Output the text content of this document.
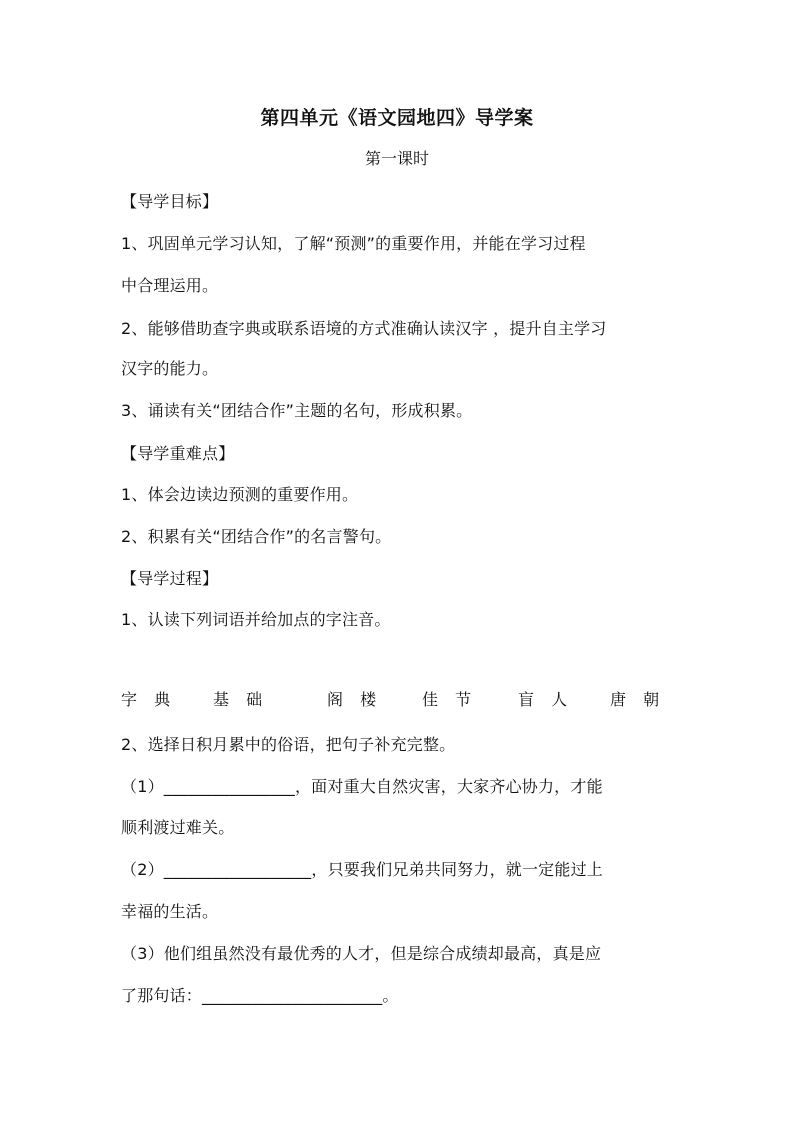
第四单元《语文园地四》导学案
第一课时
【导学目标】
1、巩固单元学习认知，了解“预测”的重要作用，并能在学习过程
中合理运用。
2、能够借助查字典或联系语境的方式准确认读汉字 ，提升自主学习
汉字的能力。
3、诵读有关“团结合作”主题的名句，形成积累。
【导学重难点】
1、体会边读边预测的重要作用。
2、积累有关“团结合作”的名言警句。
【导学过程】
1、认读下列词语并给加点的字注音。
字 典 基 础	阁 楼 佳 节	盲 人 唐 朝
2、选择日积月累中的俗语，把句子补充完整。
（1）________________，面对重大自然灾害，大家齐心协力，才能
顺利渡过难关。
（2）__________________，只要我们兄弟共同努力，就一定能过上
幸福的生活。
（3）他们组虽然没有最优秀的人才，但是综合成绩却最高，真是应
了那句话：______________________。
